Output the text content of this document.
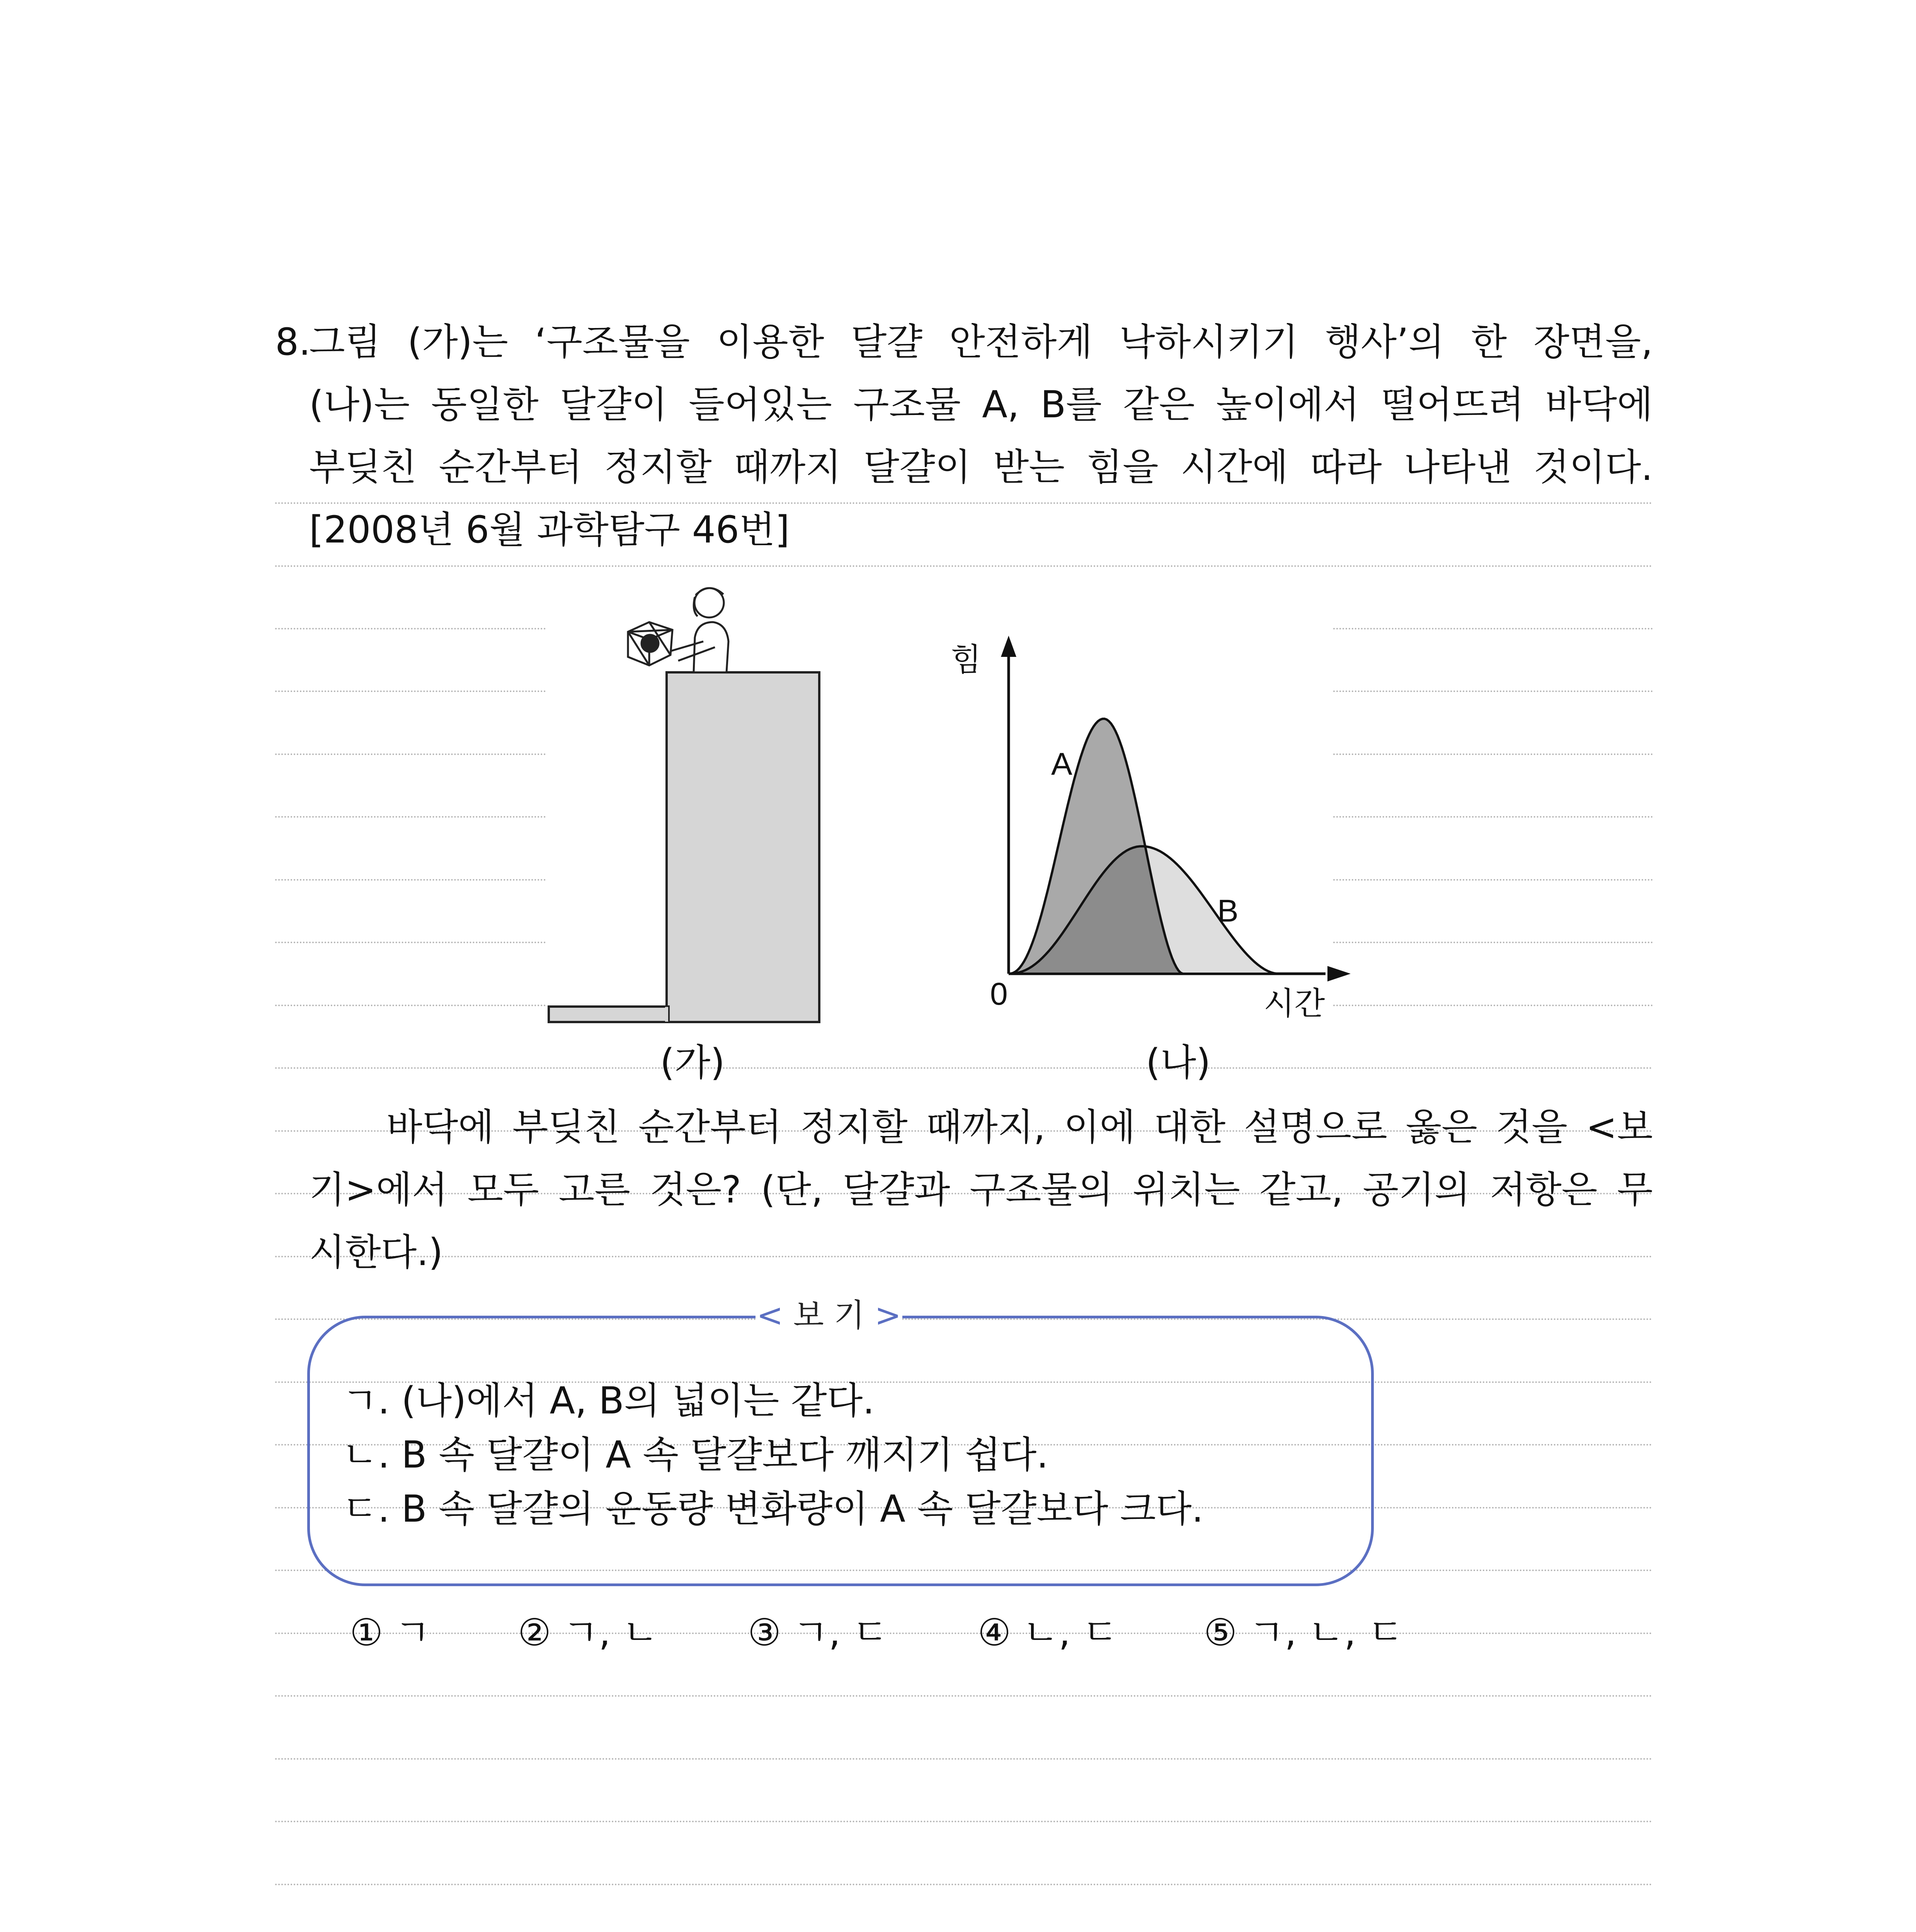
8.
그림 (가)는 ‘구조물을 이용한 달걀 안전하게 낙하시키기 행사’의 한 장면을,
(나)는 동일한 달걀이 들어있는 구조물 A, B를 같은 높이에서 떨어뜨려 바닥에
부딪친 순간부터 정지할 때까지 달걀이 받는 힘을 시간에 따라 나타낸 것이다.
[2008년 6월 과학탐구 46번]
(가)
힘
시간
0
A
B
(나)
바닥에 부딪친 순간부터 정지할 때까지, 이에 대한 설명으로 옳은 것을 <보
기>에서 모두 고른 것은? (단, 달걀과 구조물의 위치는 같고, 공기의 저항은 무
시한다.)
< 보 기 >
ㄱ. (나)에서 A, B의 넓이는 같다.
ㄴ. B 속 달걀이 A 속 달걀보다 깨지기 쉽다.
ㄷ. B 속 달걀의 운동량 변화량이 A 속 달걀보다 크다.
① ㄱ ② ㄱ, ㄴ ③ ㄱ, ㄷ ④ ㄴ, ㄷ ⑤ ㄱ, ㄴ, ㄷ
